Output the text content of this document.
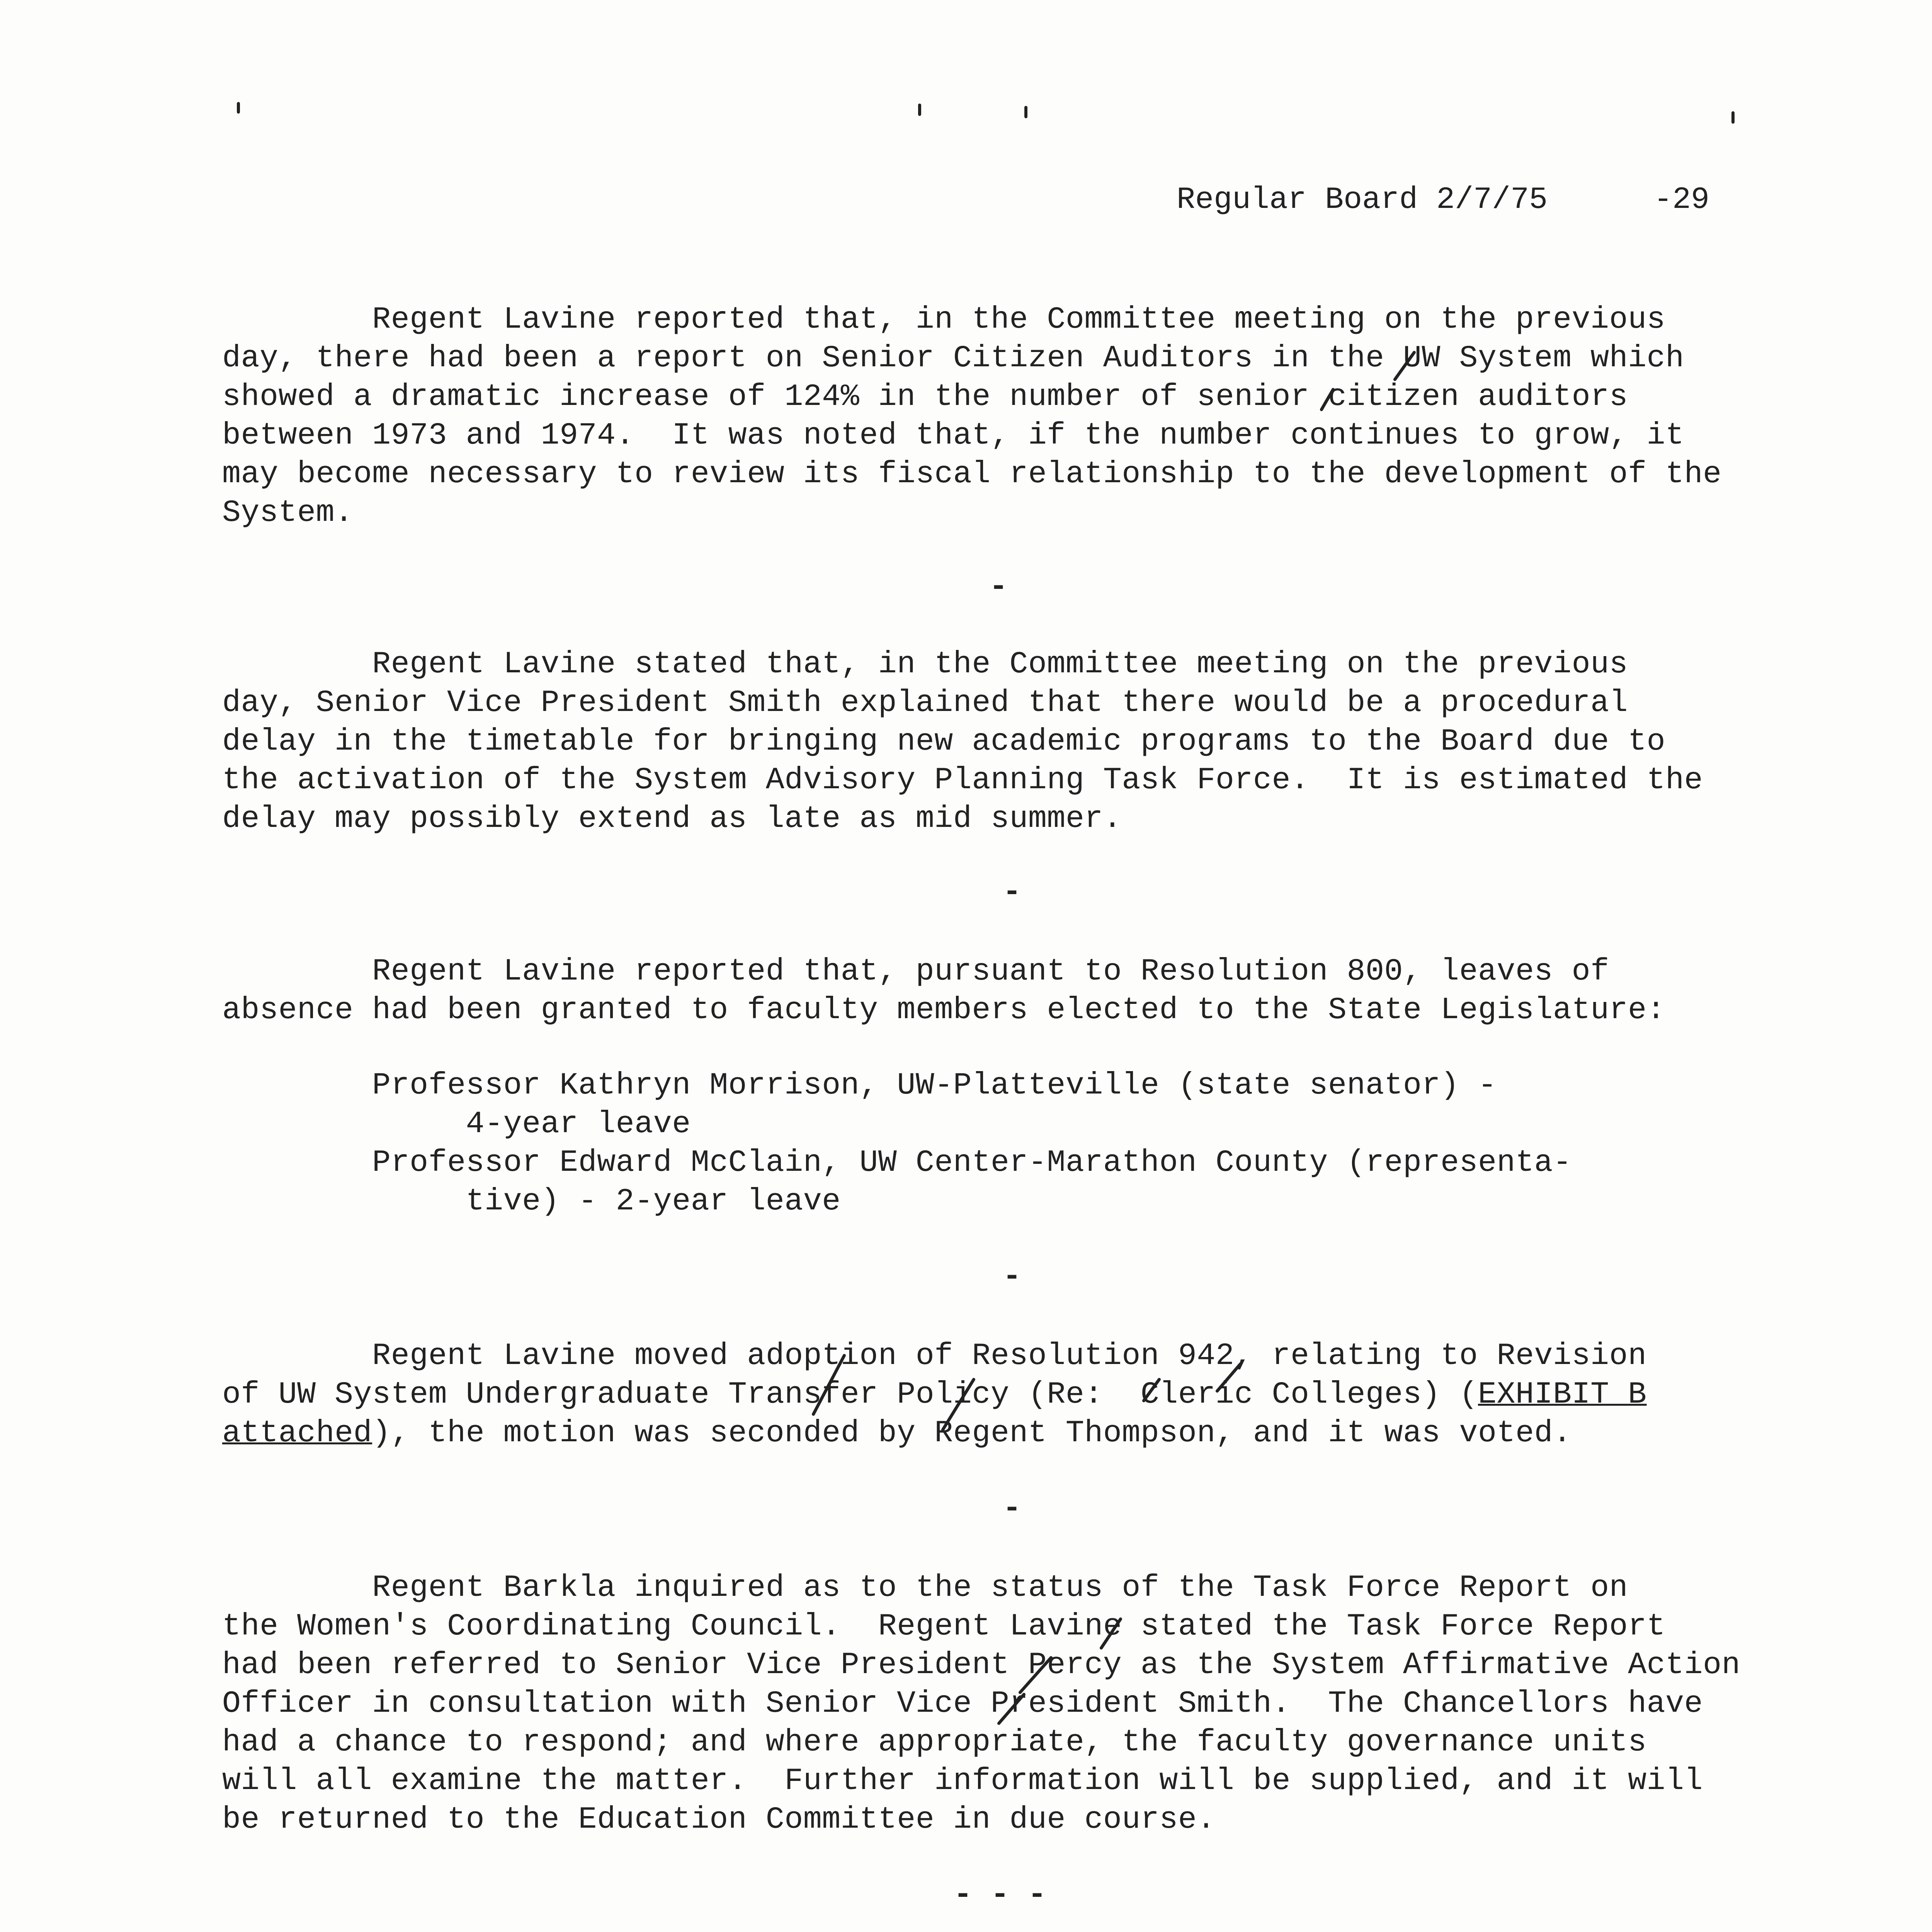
Regular Board 2/7/75	-29
Regent Lavine reported that, in the Committee meeting on the previous
day, there had been a report on Senior Citizen Auditors in the UW System which
showed a dramatic increase of 124% in the number of senior citizen auditors
between 1973 and 1974.  It was noted that, if the number continues to grow, it
may become necessary to review its fiscal relationship to the development of the
System.
-
Regent Lavine stated that, in the Committee meeting on the previous
day, Senior Vice President Smith explained that there would be a procedural
delay in the timetable for bringing new academic programs to the Board due to
the activation of the System Advisory Planning Task Force.  It is estimated the
delay may possibly extend as late as mid summer.
-
Regent Lavine reported that, pursuant to Resolution 800, leaves of
absence had been granted to faculty members elected to the State Legislature:
Professor Kathryn Morrison, UW-Platteville (state senator) -
4-year leave
Professor Edward McClain, UW Center-Marathon County (representa-
tive) - 2-year leave
-
Regent Lavine moved adoption of Resolution 942, relating to Revision
of UW System Undergraduate Transfer Policy (Re:  Cleric Colleges) (EXHIBIT B
attached), the motion was seconded by Regent Thompson, and it was voted.
-
Regent Barkla inquired as to the status of the Task Force Report on
the Women's Coordinating Council.  Regent Lavine stated the Task Force Report
had been referred to Senior Vice President Percy as the System Affirmative Action
Officer in consultation with Senior Vice President Smith.  The Chancellors have
had a chance to respond; and where appropriate, the faculty governance units
will all examine the matter.  Further information will be supplied, and it will
be returned to the Education Committee in due course.
- - -
